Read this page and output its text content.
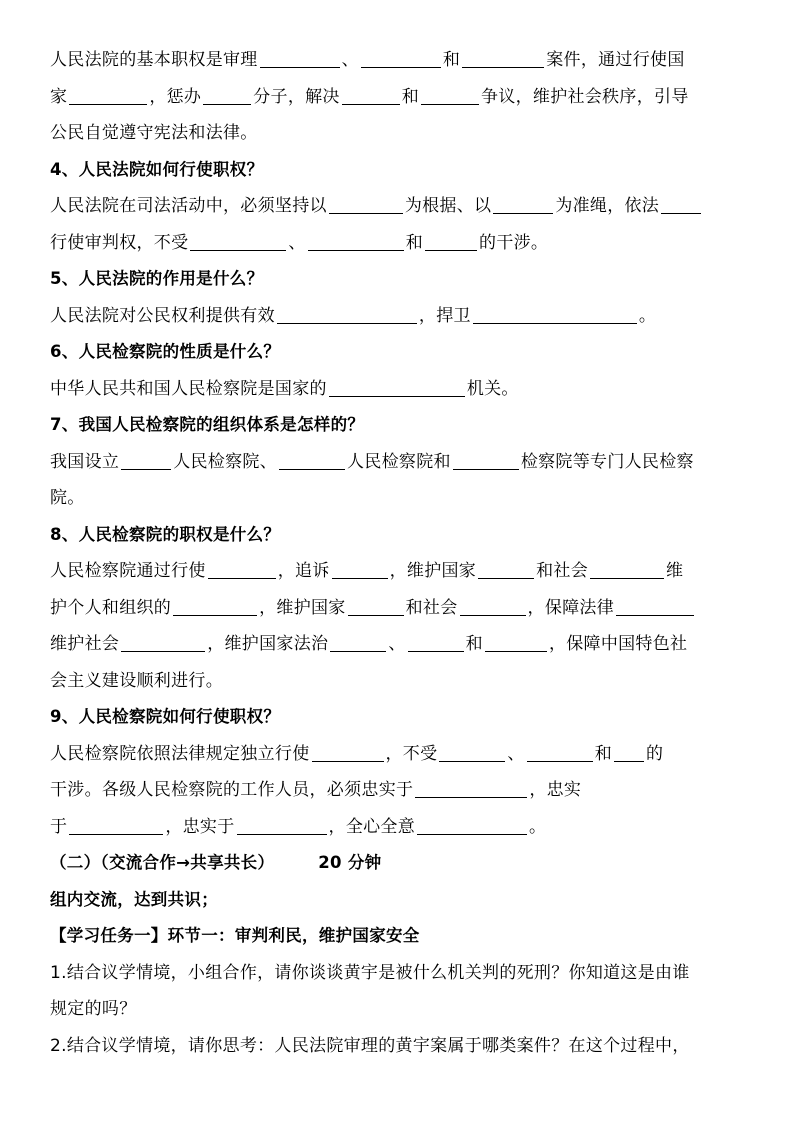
人民法院的基本职权是审理	、	和	案件，通过行使国
家	，惩办	分子，解决	和	争议，维护社会秩序，引导
公民自觉遵守宪法和法律。
4、人民法院如何行使职权？
人民法院在司法活动中，必须坚持以	为根据、以	为准绳，依法
行使审判权，不受	、	和	的干涉。
5、人民法院的作用是什么？
人民法院对公民权利提供有效	，捍卫	。
6、人民检察院的性质是什么？
中华人民共和国人民检察院是国家的	机关。
7、我国人民检察院的组织体系是怎样的？
我国设立	人民检察院、	人民检察院和	检察院等专门人民检察
院。
8、人民检察院的职权是什么？
人民检察院通过行使	，追诉	，维护国家	和社会	维
护个人和组织的	，维护国家	和社会	，保障法律
维护社会	，维护国家法治	、	和	，保障中国特色社
会主义建设顺利进行。
9、人民检察院如何行使职权？
人民检察院依照法律规定独立行使	，不受	、	和 的
干涉。各级人民检察院的工作人员，必须忠实于	，忠实
于	，忠实于	，全心全意	。
（二）（交流合作→共享共长）	20 分钟
组内交流，达到共识；
【学习任务一】环节一：审判利民，维护国家安全
1.结合议学情境，小组合作，请你谈谈黄宇是被什么机关判的死刑？你知道这是由谁
规定的吗？
2.结合议学情境，请你思考：人民法院审理的黄宇案属于哪类案件？在这个过程中，
